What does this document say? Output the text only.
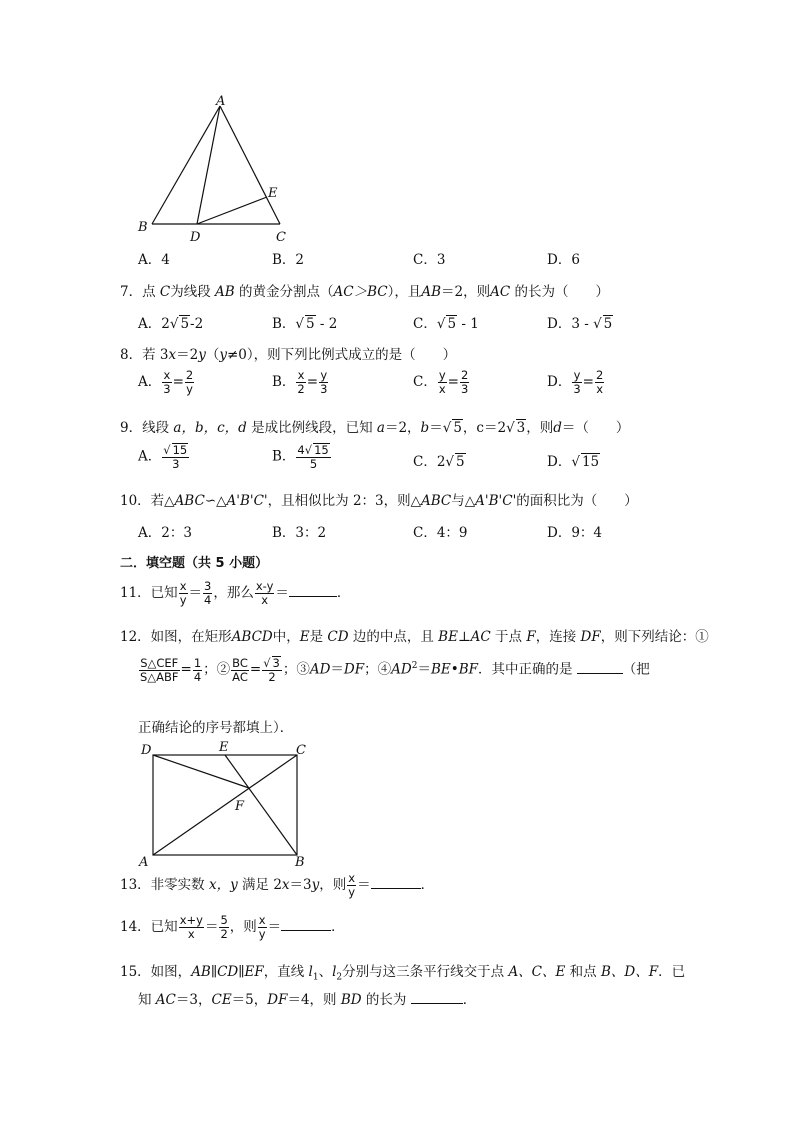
A
B
C
D
E
A．4	B．2	C．3	D．6
7．点 C为线段 AB 的黄金分割点（AC＞BC），且AB＝2，则AC 的长为（　　）
A．2√ 5-2	B．√ 5 - 2	C．√ 5 - 1	D．3 - √ 5
8．若 3x＝2y（y≠0），则下列比例式成立的是（　　）
A． $\frac{x}{3} = \frac{2}{y}$	B． $\frac{x}{2} = \frac{y}{3}$	C． $\frac{y}{x} = \frac{2}{3}$	D． $\frac{y}{3} = \frac{2}{x}$
9．线段 a，b，c，d 是成比例线段，已知 a＝2，b＝√ 5，c＝2√ 3，则d＝（　　）
A． $\frac{√ 15}{3}$	B． $\frac{4√ 15}{5}$	C．2√ 5	D．√ 15
10．若△ABC∽△A'B'C'，且相似比为 2：3，则△ABC与△A'B'C'的面积比为（　　）
A．2：3	B．3：2	C．4：9	D．9：4
二．填空题（共 5 小题）
11．已知 $\frac{x}{y} = \frac{3}{4}$ ，那么 $\frac{x-y}{x}$ ＝	．
12．如图，在矩形ABCD中，E是 CD 边的中点，且 BE⊥AC 于点 F，连接 DF，则下列结论：①
$\frac{\text{S△CEF}}{\text{S△ABF}} = \frac{1}{4}$ ；② $\frac{BC}{AC} = \frac{√ 3}{2}$ ；③AD＝DF；$④AD^2=BE•BF$．其中正确的是	（把
正确结论的序号都填上）．
D	E	C
F
A	B
13．非零实数 x，y 满足 2x＝3y，则 $\frac{x}{y}$ ＝	．
14．已知 $\frac{x+y}{x} = \frac{5}{2}$ ，则 $\frac{x}{y}$ ＝	．
15．如图，AB∥CD∥EF，直线 $l_1$、$l_2$分别与这三条平行线交于点 A、C、E 和点 B、D、F．已
知 AC＝3，CE＝5，DF＝4，则 BD 的长为	．
